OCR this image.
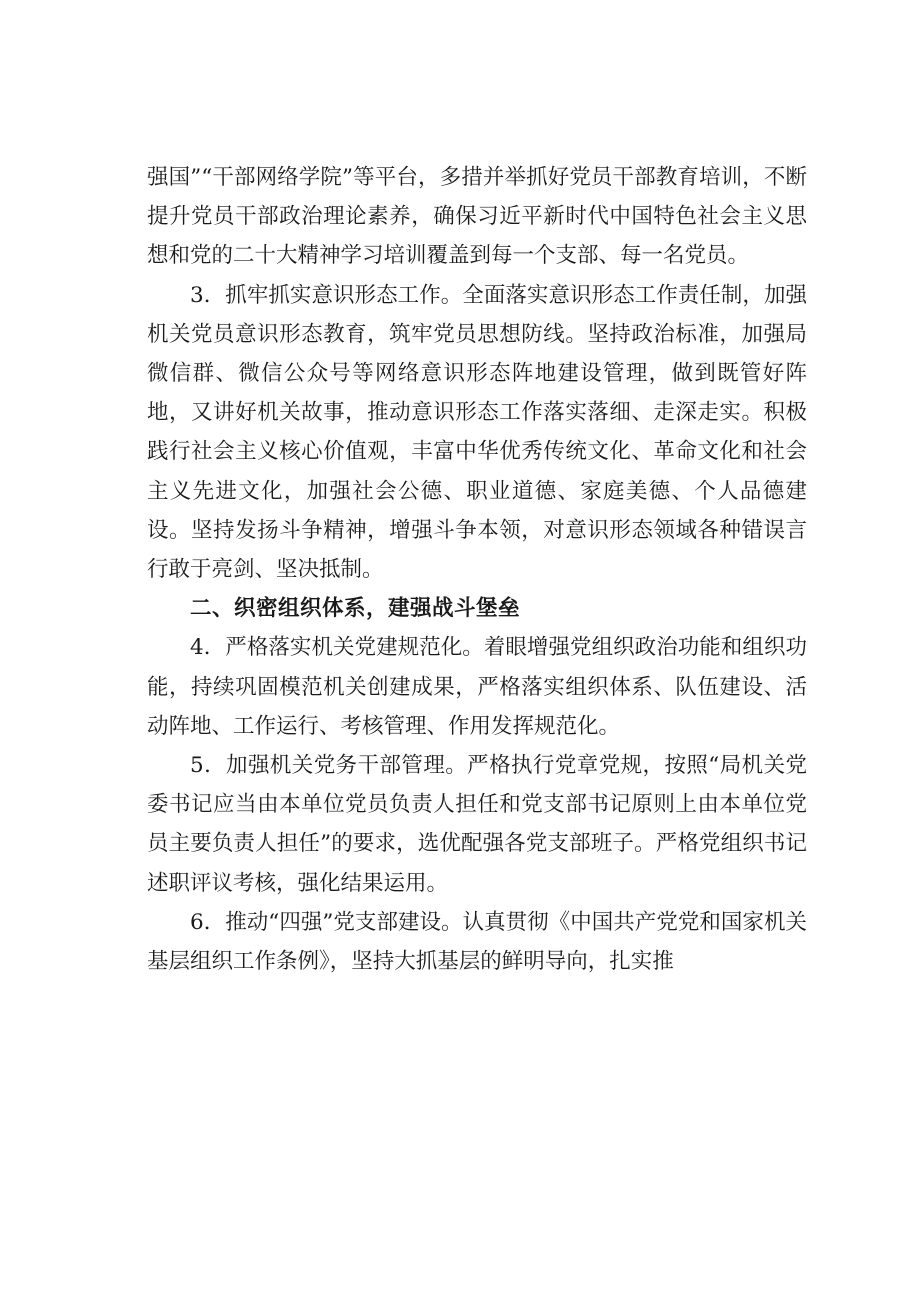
强国”“干部网络学院”等平台，多措并举抓好党员干部教育培训，不断提升党员干部政治理论素养，确保习近平新时代中国特色社会主义思想和党的二十大精神学习培训覆盖到每一个支部、每一名党员。

3．抓牢抓实意识形态工作。全面落实意识形态工作责任制，加强机关党员意识形态教育，筑牢党员思想防线。坚持政治标准，加强局微信群、微信公众号等网络意识形态阵地建设管理，做到既管好阵地，又讲好机关故事，推动意识形态工作落实落细、走深走实。积极践行社会主义核心价值观，丰富中华优秀传统文化、革命文化和社会主义先进文化，加强社会公德、职业道德、家庭美德、个人品德建设。坚持发扬斗争精神，增强斗争本领，对意识形态领域各种错误言行敢于亮剑、坚决抵制。

二、织密组织体系，建强战斗堡垒

4．严格落实机关党建规范化。着眼增强党组织政治功能和组织功能，持续巩固模范机关创建成果，严格落实组织体系、队伍建设、活动阵地、工作运行、考核管理、作用发挥规范化。

5．加强机关党务干部管理。严格执行党章党规，按照“局机关党委书记应当由本单位党员负责人担任和党支部书记原则上由本单位党员主要负责人担任”的要求，选优配强各党支部班子。严格党组织书记述职评议考核，强化结果运用。

6．推动“四强”党支部建设。认真贯彻《中国共产党党和国家机关基层组织工作条例》，坚持大抓基层的鲜明导向，扎实推
